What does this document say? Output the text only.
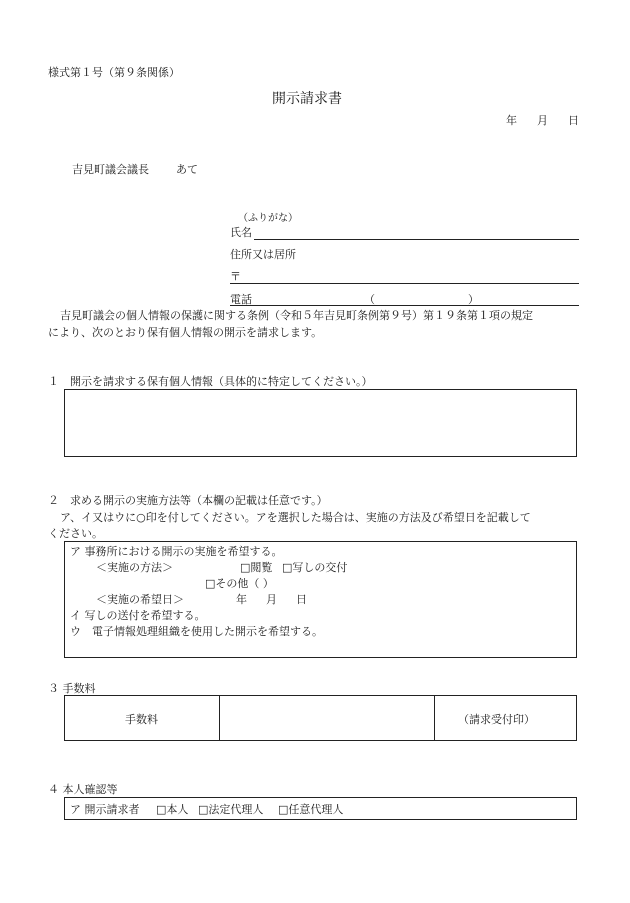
様式第１号（第９条関係）
開示請求書
年 月 日
吉見町議会議長 あて
（ふりがな）
氏名
住所又は居所
〒
電話	（	）
吉見町議会の個人情報の保護に関する条例（令和５年吉見町条例第９号）第１９条第１項の規定
により、次のとおり保有個人情報の開示を請求します。
１　開示を請求する保有個人情報（具体的に特定してください。）
２　求める開示の実施方法等（本欄の記載は任意です。）
ア、イ又はウに○印を付してください。アを選択した場合は、実施の方法及び希望日を記載して
ください。
ア 事務所における開示の実施を希望する。
＜実施の方法＞	□閲覧 □写しの交付
□その他（ ）
＜実施の希望日＞	年 月 日
イ 写しの送付を希望する。
ウ　電子情報処理組織を使用した開示を希望する。
３ 手数料
手数料	（請求受付印）
４ 本人確認等
ア 開示請求者 □本人 □法定代理人 □任意代理人
